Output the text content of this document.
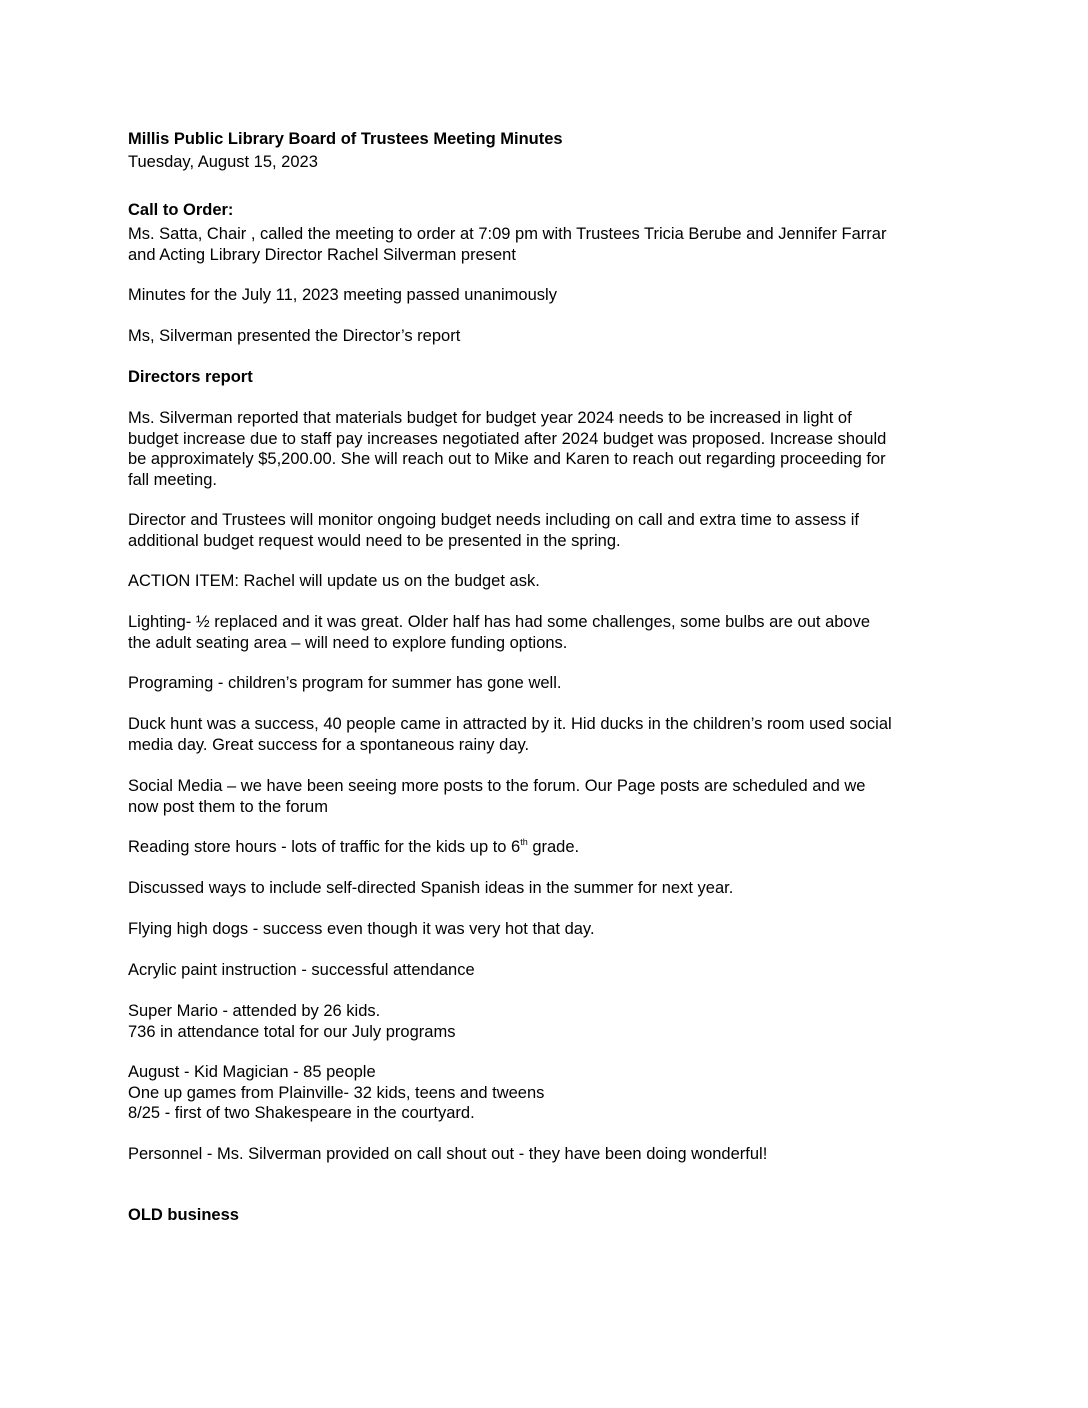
Millis Public Library Board of Trustees Meeting Minutes
Tuesday, August 15, 2023
Call to Order:
Ms. Satta, Chair , called the meeting to order at 7:09 pm with Trustees Tricia Berube and Jennifer Farrar
and Acting Library Director Rachel Silverman present
Minutes for the July 11, 2023 meeting passed unanimously
Ms, Silverman presented the Director’s report
Directors report
Ms. Silverman reported that materials budget for budget year 2024 needs to be increased in light of
budget increase due to staff pay increases negotiated after 2024 budget was proposed. Increase should
be approximately $5,200.00. She will reach out to Mike and Karen to reach out regarding proceeding for
fall meeting.
Director and Trustees will monitor ongoing budget needs including on call and extra time to assess if
additional budget request would need to be presented in the spring.
ACTION ITEM: Rachel will update us on the budget ask.
Lighting- ½ replaced and it was great. Older half has had some challenges, some bulbs are out above
the adult seating area – will need to explore funding options.
Programing - children’s program for summer has gone well.
Duck hunt was a success, 40 people came in attracted by it. Hid ducks in the children’s room used social
media day. Great success for a spontaneous rainy day.
Social Media – we have been seeing more posts to the forum. Our Page posts are scheduled and we
now post them to the forum
Reading store hours - lots of traffic for the kids up to 6th grade.
Discussed ways to include self-directed Spanish ideas in the summer for next year.
Flying high dogs - success even though it was very hot that day.
Acrylic paint instruction - successful attendance
Super Mario - attended by 26 kids.
736 in attendance total for our July programs
August - Kid Magician - 85 people
One up games from Plainville- 32 kids, teens and tweens
8/25 - first of two Shakespeare in the courtyard.
Personnel - Ms. Silverman provided on call shout out - they have been doing wonderful!
OLD business
